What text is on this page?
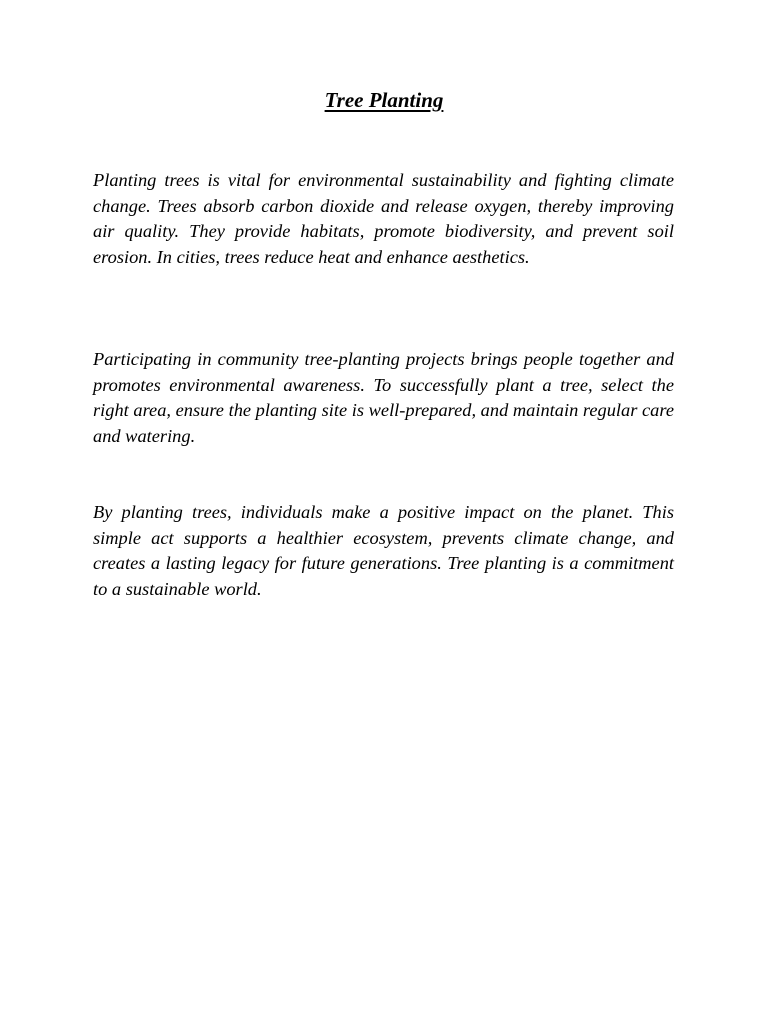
Tree Planting

Planting trees is vital for environmental sustainability and fighting climate change. Trees absorb carbon dioxide and release oxygen, thereby improving air quality. They provide habitats, promote biodiversity, and prevent soil erosion. In cities, trees reduce heat and enhance aesthetics.

Participating in community tree-planting projects brings people together and promotes environmental awareness. To successfully plant a tree, select the right area, ensure the planting site is well-prepared, and maintain regular care and watering.

By planting trees, individuals make a positive impact on the planet. This simple act supports a healthier ecosystem, prevents climate change, and creates a lasting legacy for future generations. Tree planting is a commitment to a sustainable world.
